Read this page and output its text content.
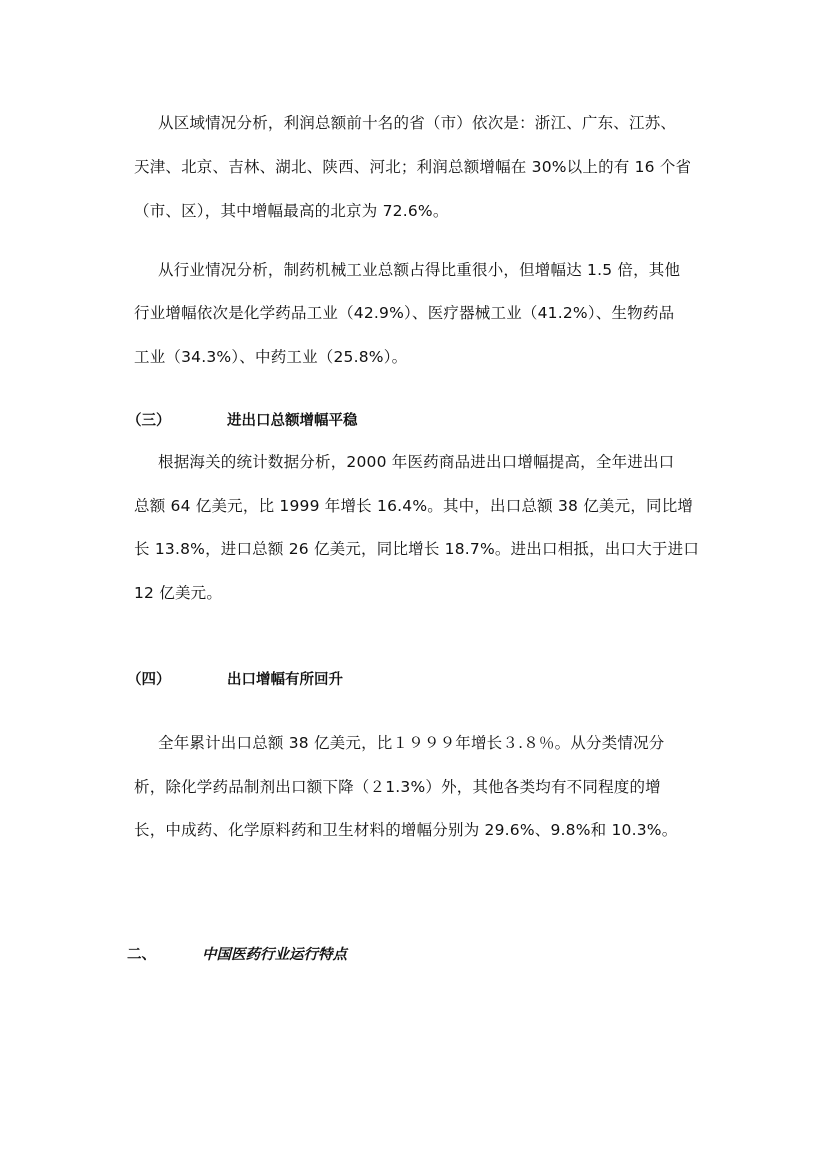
从区域情况分析，利润总额前十名的省（市）依次是：浙江、广东、江苏、
天津、北京、吉林、湖北、陕西、河北；利润总额增幅在 30%以上的有 16 个省
（市、区），其中增幅最高的北京为 72.6%。
从行业情况分析，制药机械工业总额占得比重很小，但增幅达 1.5 倍，其他
行业增幅依次是化学药品工业（42.9%）、医疗器械工业（41.2%）、生物药品
工业（34.3%）、中药工业（25.8%）。
（三）	进出口总额增幅平稳
根据海关的统计数据分析，2000 年医药商品进出口增幅提高，全年进出口
总额 64 亿美元，比 1999 年增长 16.4%。其中，出口总额 38 亿美元，同比增
长 13.8%，进口总额 26 亿美元，同比增长 18.7%。进出口相抵，出口大于进口
12 亿美元。
（四）	出口增幅有所回升
全年累计出口总额 38 亿美元，比１９９９年增长３.８％。从分类情况分
析，除化学药品制剂出口额下降（２1.3%）外，其他各类均有不同程度的增
长，中成药、化学原料药和卫生材料的增幅分别为 29.6%、9.8%和 10.3%。
二、	中国医药行业运行特点
